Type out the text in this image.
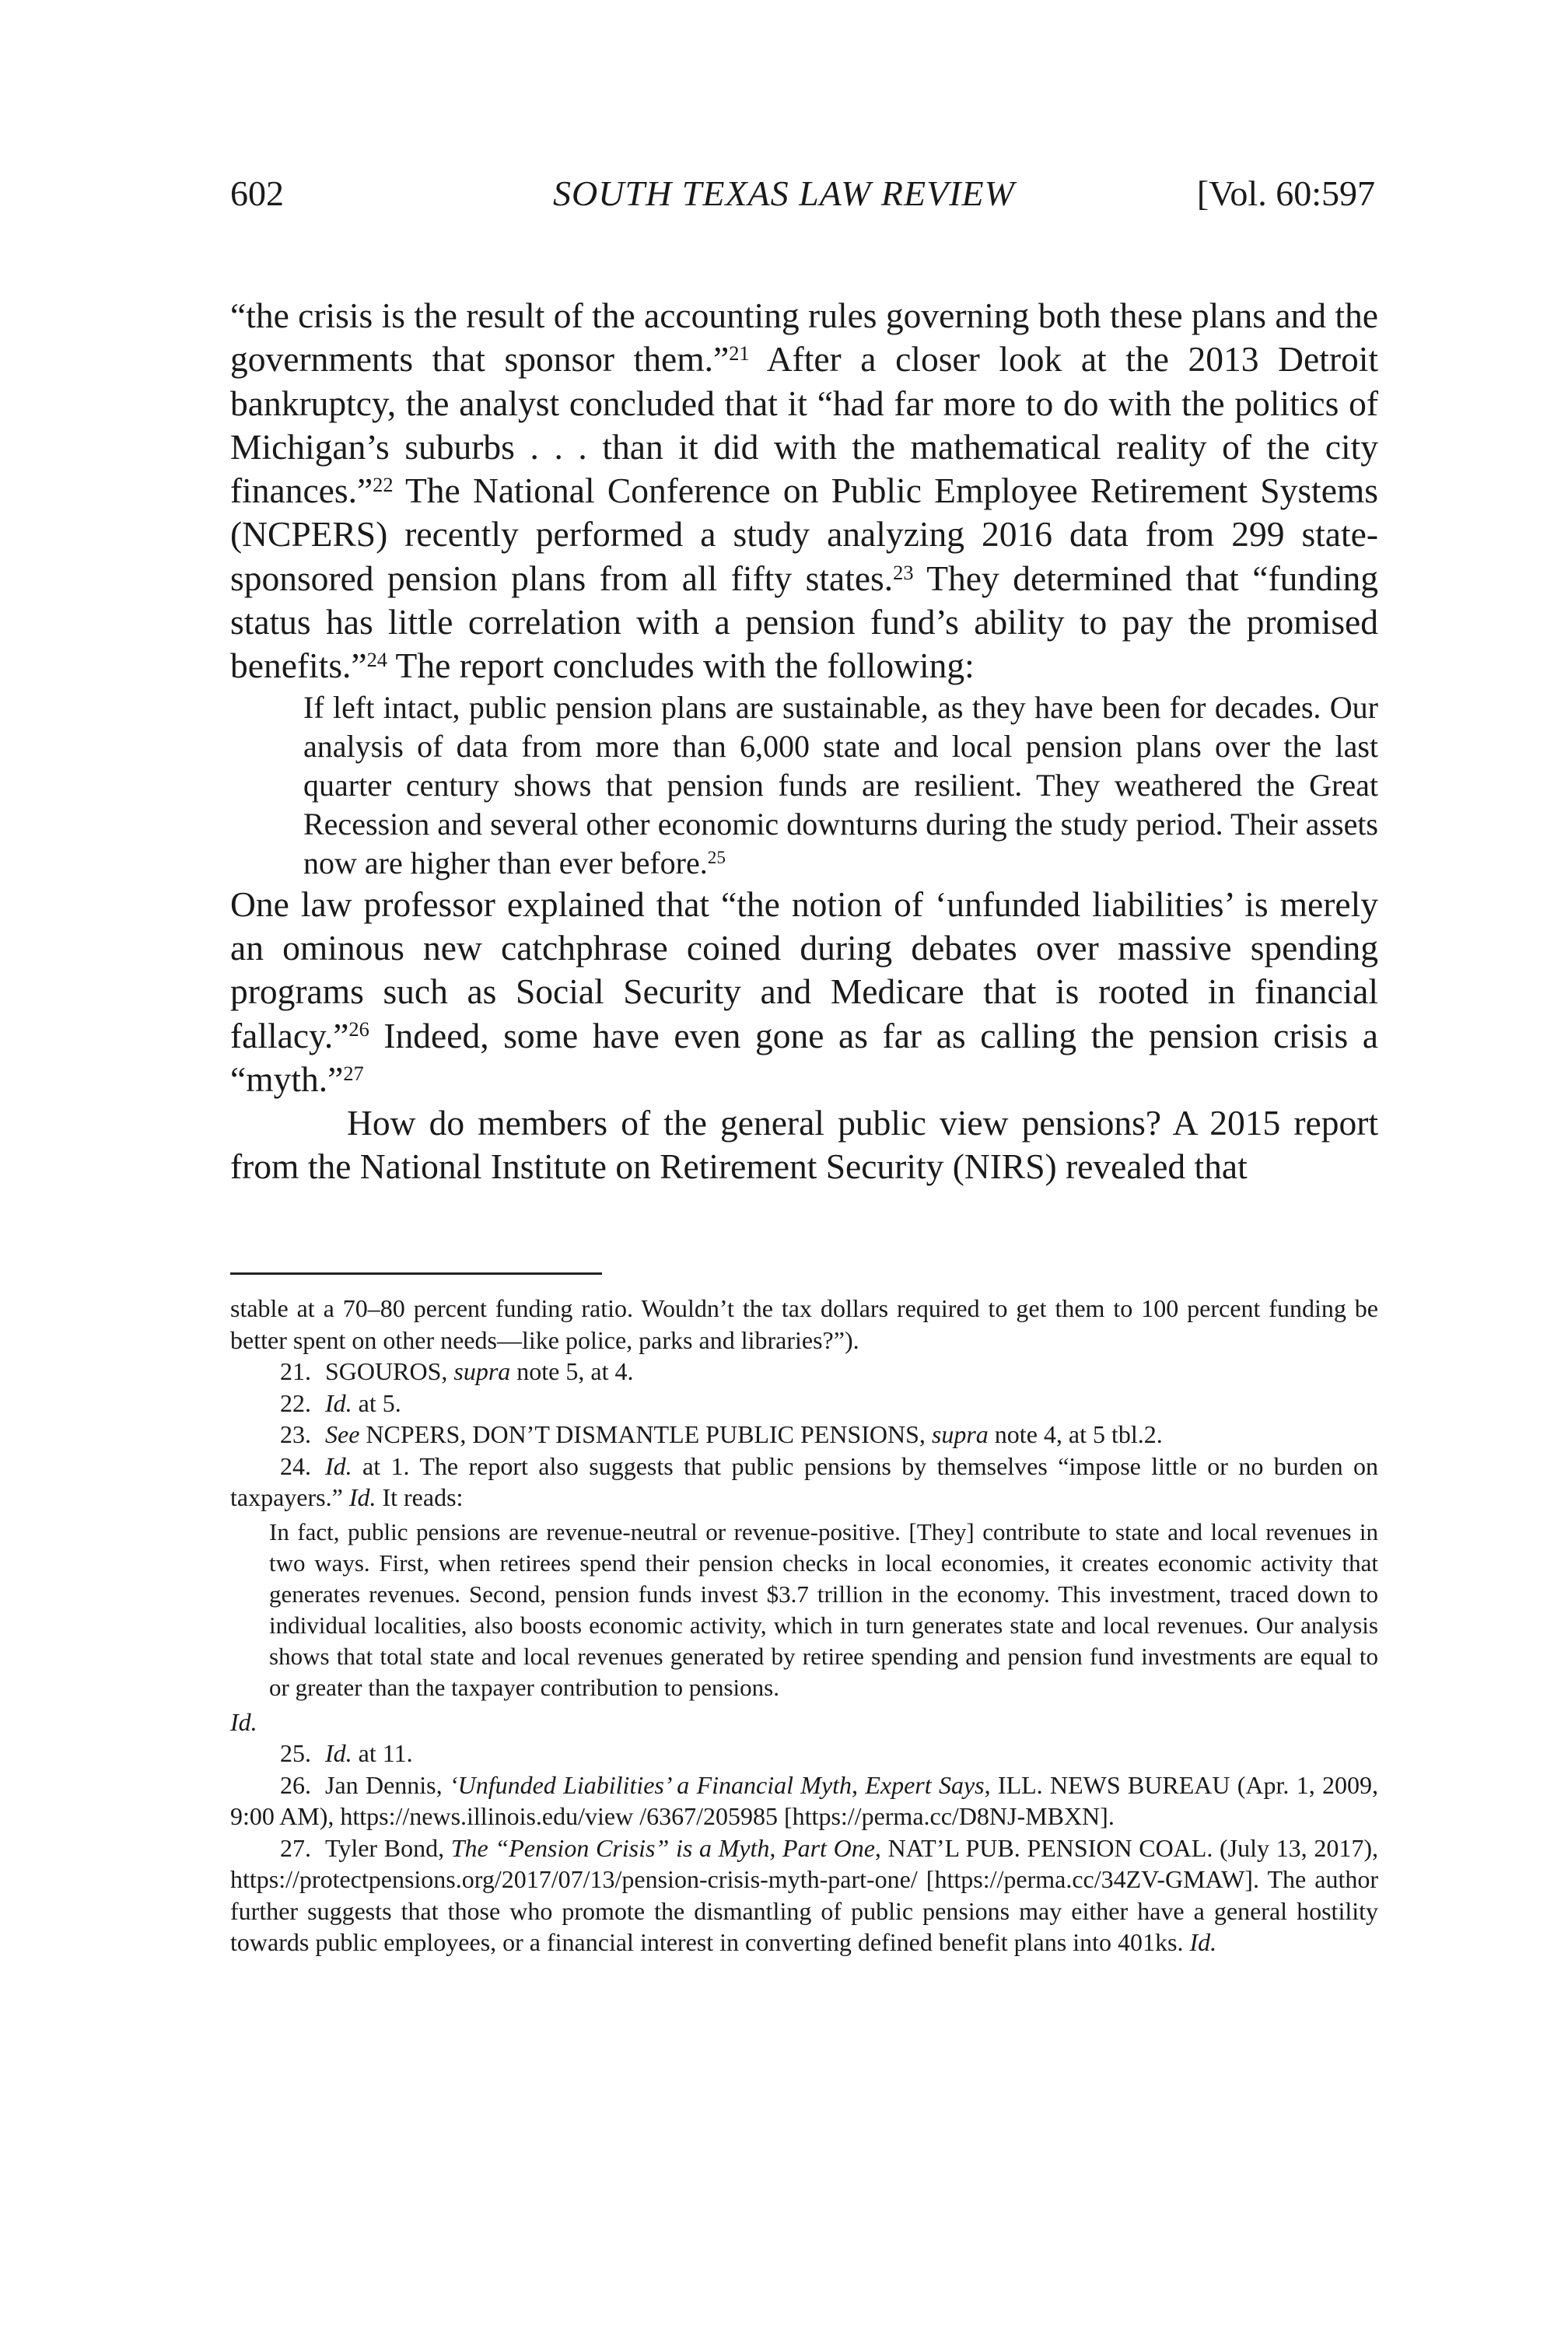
SOUTH TEXAS LAW REVIEW
602	[Vol. 60:597

“the crisis is the result of the accounting rules governing both these plans and the governments that sponsor them.”$^{21}$ After a closer look at the 2013 Detroit bankruptcy, the analyst concluded that it “had far more to do with the politics of Michigan’s suburbs . . . than it did with the mathematical reality of the city finances.”$^{22}$ The National Conference on Public Employee Retirement Systems (NCPERS) recently performed a study analyzing 2016 data from 299 state-sponsored pension plans from all fifty states.$^{23}$ They determined that “funding status has little correlation with a pension fund’s ability to pay the promised benefits.”$^{24}$ The report concludes with the following:

If left intact, public pension plans are sustainable, as they have been for decades. Our analysis of data from more than 6,000 state and local pension plans over the last quarter century shows that pension funds are resilient. They weathered the Great Recession and several other economic downturns during the study period. Their assets now are higher than ever before.$^{25}$

One law professor explained that “the notion of ‘unfunded liabilities’ is merely an ominous new catchphrase coined during debates over massive spending programs such as Social Security and Medicare that is rooted in financial fallacy.”$^{26}$ Indeed, some have even gone as far as calling the pension crisis a “myth.”$^{27}$

How do members of the general public view pensions? A 2015 report from the National Institute on Retirement Security (NIRS) revealed that

stable at a 70–80 percent funding ratio. Wouldn’t the tax dollars required to get them to 100 percent funding be better spent on other needs—like police, parks and libraries?”).

21. SGOUROS, supra note 5, at 4.

22. Id. at 5.

23. See NCPERS, DON’T DISMANTLE PUBLIC PENSIONS, supra note 4, at 5 tbl.2.

24. Id. at 1. The report also suggests that public pensions by themselves “impose little or no burden on taxpayers.” Id. It reads:

In fact, public pensions are revenue-neutral or revenue-positive. [They] contribute to state and local revenues in two ways. First, when retirees spend their pension checks in local economies, it creates economic activity that generates revenues. Second, pension funds invest $3.7 trillion in the economy. This investment, traced down to individual localities, also boosts economic activity, which in turn generates state and local revenues. Our analysis shows that total state and local revenues generated by retiree spending and pension fund investments are equal to or greater than the taxpayer contribution to pensions.

Id.

25. Id. at 11.

26. Jan Dennis, ‘Unfunded Liabilities’ a Financial Myth, Expert Says, ILL. NEWS BUREAU (Apr. 1, 2009, 9:00 AM), https://news.illinois.edu/view /6367/205985 [https://perma.cc/D8NJ-MBXN].

27. Tyler Bond, The “Pension Crisis” is a Myth, Part One, NAT’L PUB. PENSION COAL. (July 13, 2017), https://protectpensions.org/2017/07/13/pension-crisis-myth-part-one/ [https://perma.cc/34ZV-GMAW]. The author further suggests that those who promote the dismantling of public pensions may either have a general hostility towards public employees, or a financial interest in converting defined benefit plans into 401ks. Id.
